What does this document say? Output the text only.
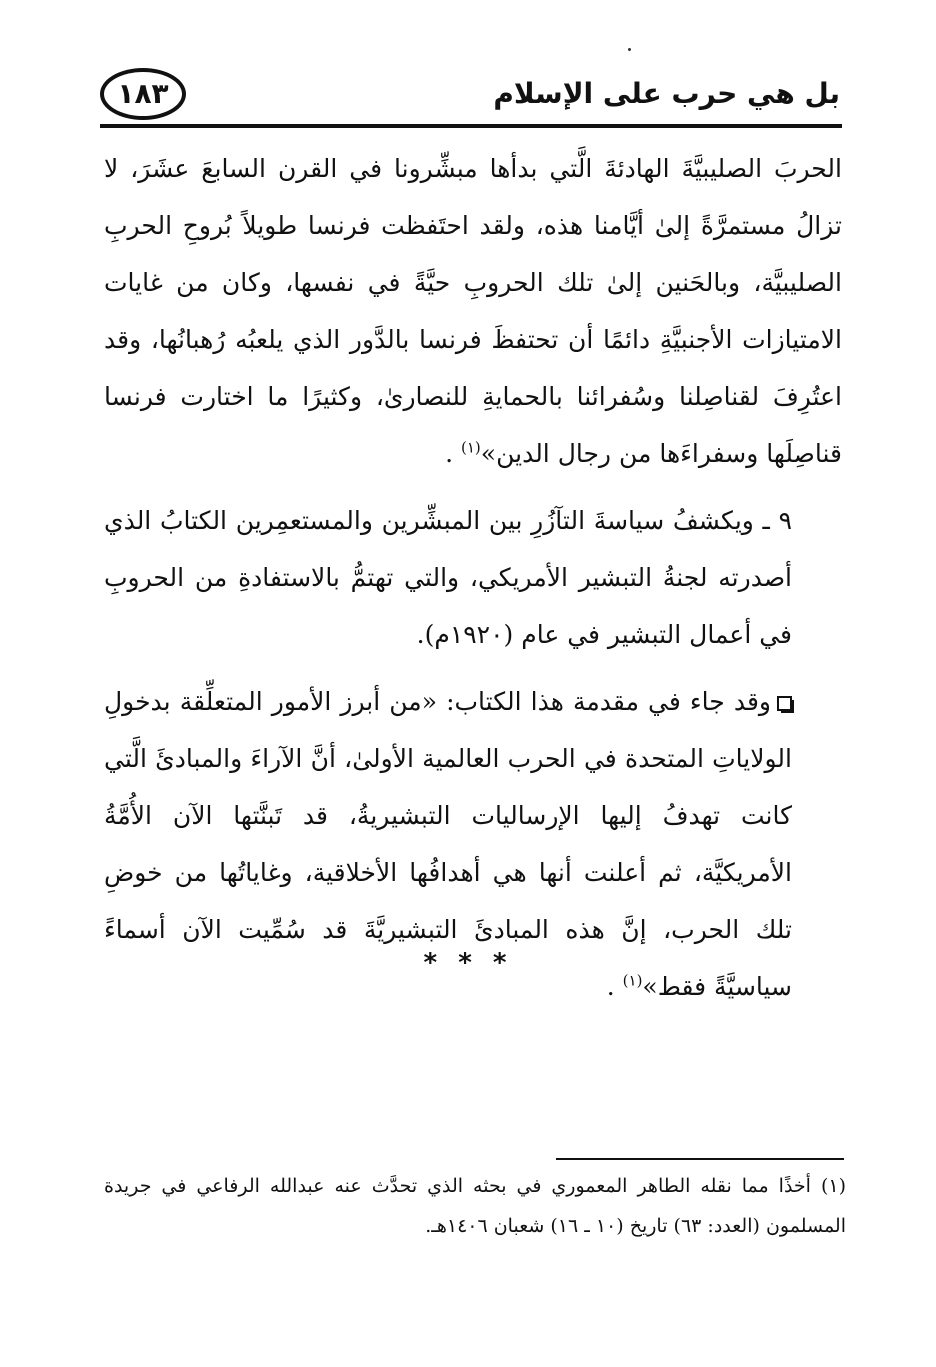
بل هي حرب على الإسلام
١٨٣

الحربَ الصليبيَّةَ الهادئةَ الَّتي بدأها مبشِّرونا في القرن السابعَ عشَرَ، لا تزالُ مستمرَّةً إلىٰ أيَّامنا هذه، ولقد احتَفظت فرنسا طويلاً بُروحِ الحربِ الصليبيَّة، وبالحَنين إلىٰ تلك الحروبِ حيَّةً في نفسها، وكان من غايات الامتيازات الأجنبيَّةِ دائمًا أن تحتفظَ فرنسا بالدَّور الذي يلعبُه رُهبانُها، وقد اعتُرِفَ لقناصِلنا وسُفرائنا بالحمايةِ للنصارىٰ، وكثيرًا ما اختارت فرنسا قناصِلَها وسفراءَها من رجال الدين»$^{(١)}$ .

٩ ـ ويكشفُ سياسةَ التآزُرِ بين المبشِّرين والمستعمِرين الكتابُ الذي أصدرته لجنةُ التبشير الأمريكي، والتي تهتمُّ بالاستفادةِ من الحروبِ في أعمال التبشير في عام (١٩٢٠م).

وقد جاء في مقدمة هذا الكتاب: «من أبرز الأمور المتعلِّقة بدخولِ الولاياتِ المتحدة في الحرب العالمية الأولىٰ، أنَّ الآراءَ والمبادئَ الَّتي كانت تهدفُ إليها الإرساليات التبشيريةُ، قد تَبنَّتها الآن الأُمَّةُ الأمريكيَّة، ثم أعلنت أنها هي أهدافُها الأخلاقية، وغاياتُها من خوضِ تلك الحرب، إنَّ هذه المبادئَ التبشيريَّةَ قد سُمِّيت الآن أسماءً سياسيَّةً فقط»$^{(١)}$ .

* * *

(١) أخذًا مما نقله الطاهر المعموري في بحثه الذي تحدَّث عنه عبدالله الرفاعي في جريدة المسلمون (العدد: ٦٣) تاريخ (١٠ ـ ١٦) شعبان ١٤٠٦هـ.
